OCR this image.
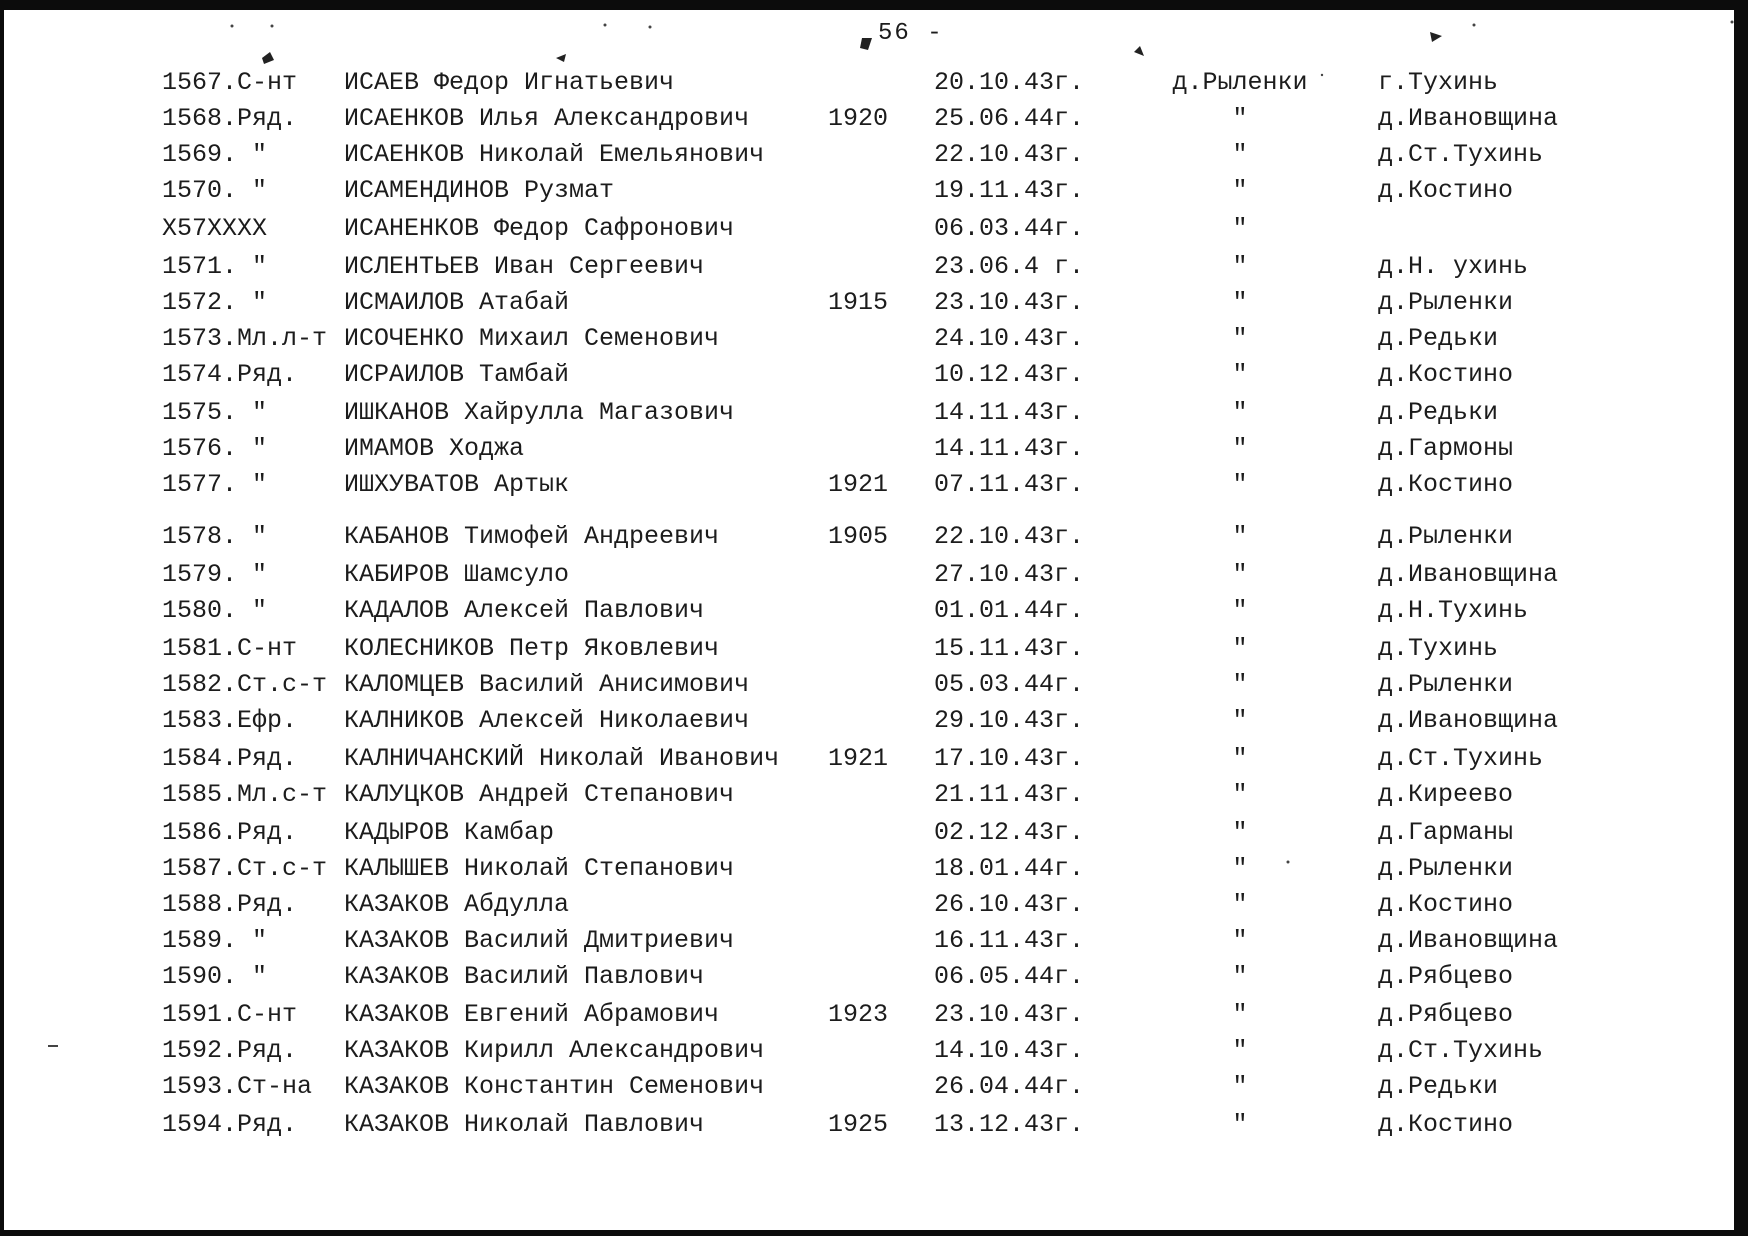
56 -
1567.С-нт	ИСАЕВ Федор Игнатьевич	20.10.43г.	д.Рыленки	г.Тухинь
1568.Ряд.	ИСАЕНКОВ Илья Александрович	1920	25.06.44г.	"	д.Ивановщина
1569. "	ИСАЕНКОВ Николай Емельянович	22.10.43г.	"	д.Ст.Тухинь
1570. "	ИСАМЕНДИНОВ Рузмат	19.11.43г.	"	д.Костино
X57XXXX	ИСАНЕНКОВ Федор Сафронович	06.03.44г.	"
1571. "	ИСЛЕНТЬЕВ Иван Сергеевич	23.06.4 г.	"	д.Н. ухинь
1572. "	ИСМАИЛОВ Атабай	1915	23.10.43г.	"	д.Рыленки
1573.Мл.л-т ИСОЧЕНКО Михаил Семенович	24.10.43г.	"	д.Редьки
1574.Ряд.	ИСРАИЛОВ Тамбай	10.12.43г.	"	д.Костино
1575. "	ИШКАНОВ Хайрулла Магазович	14.11.43г.	"	д.Редьки
1576. "	ИМАМОВ Ходжа	14.11.43г.	"	д.Гармоны
1577. "	ИШХУВАТОВ Артык	1921	07.11.43г.	"	д.Костино
1578. "	КАБАНОВ Тимофей Андреевич	1905	22.10.43г.	"	д.Рыленки
1579. "	КАБИРОВ Шамсуло	27.10.43г.	"	д.Ивановщина
1580. "	КАДАЛОВ Алексей Павлович	01.01.44г.	"	д.Н.Тухинь
1581.С-нт	КОЛЕСНИКОВ Петр Яковлевич	15.11.43г.	"	д.Тухинь
1582.Ст.с-т КАЛОМЦЕВ Василий Анисимович	05.03.44г.	"	д.Рыленки
1583.Ефр.	КАЛНИКОВ Алексей Николаевич	29.10.43г.	"	д.Ивановщина
1584.Ряд.	КАЛНИЧАНСКИЙ Николай Иванович	1921	17.10.43г.	"	д.Ст.Тухинь
1585.Мл.с-т КАЛУЦКОВ Андрей Степанович	21.11.43г.	"	д.Киреево
1586.Ряд.	КАДЫРОВ Камбар	02.12.43г.	"	д.Гарманы
1587.Ст.с-т КАЛЫШЕВ Николай Степанович	18.01.44г.	"	д.Рыленки
1588.Ряд.	КАЗАКОВ Абдулла	26.10.43г.	"	д.Костино
1589. "	КАЗАКОВ Василий Дмитриевич	16.11.43г.	"	д.Ивановщина
1590. "	КАЗАКОВ Василий Павлович	06.05.44г.	"	д.Рябцево
1591.С-нт	КАЗАКОВ Евгений Абрамович	1923	23.10.43г.	"	д.Рябцево
1592.Ряд.	КАЗАКОВ Кирилл Александрович	14.10.43г.	"	д.Ст.Тухинь
1593.Ст-на	КАЗАКОВ Константин Семенович	26.04.44г.	"	д.Редьки
1594.Ряд.	КАЗАКОВ Николай Павлович	1925	13.12.43г.	"	д.Костино
